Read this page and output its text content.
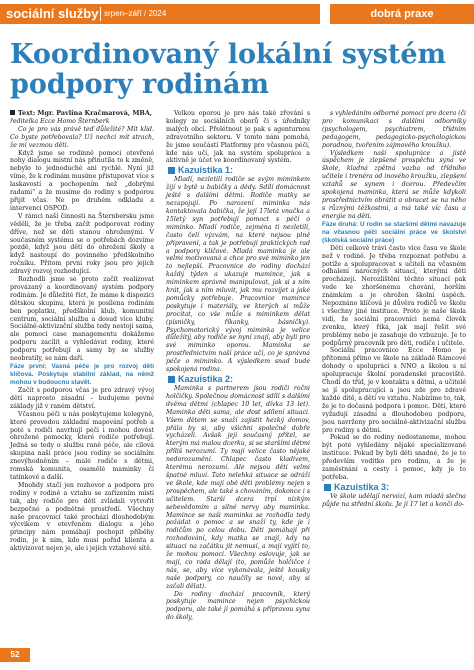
sociální služby srpen–září / 2024	dobrá praxe
Koordinovaný lokální systém podpory rodinám

Text: Mgr. Pavlína Kračmarová, MBA,

ředitelka Ecce Homo Šternberk

Co je pro vás právě teď důležité? Mít klid. Co byste potřebovala? Už nechci mít strach, že mi vezmou děti.

Když jsme se rodinně pomoci otevřené nohy dialogu místní nás přinutila to k změně, nebylo to jednoduché ani rychlé. Nyní již víme, že k rodinám musíme přistupovat více s laskavostí a pochopením než „dobrými radami“ a že musíme do rodiny s podporou přijít včas. Ne po druhém odkladu a intervenci OSPOD.

V rámci naší činnosti na Šternbersku jsme věděli, že je třeba začít podporovat rodiny dříve, než se děti stanou ohroženými. V současném systému se o potřebách dozvíme pozdě, když jsou děti do ohrožení školy a když nastoupí do povinného předškolního ročníku. Přitom první roky jsou pro jejich zdravý rozvoj rozhodující.

Rozhodli jsme se proto začít realizovat provázaný a koordinovaný systém podpory rodinám. Je důležité říct, že máme k dispozici dětskou skupinu, která je posílena rodinám ben poplatku, předškolní klub, komunitní centrum, sociální služba a dosud více kluby. Sociálně-aktivizační služba tedy nestojí sama, ale pomocí case managementu dokážeme podporu zacílit a vyhledávat rodiny, které podporu potřebují a samy by se služby neobratily, se nám daří.

Fáze první: Vasná péče je pro rozvoj dětí klíčová. Poskytuje stabilní základ, na němž mohou v budoucnu stavět.

Začít s podporou včas je pro zdravý vývoj dětí naprosto zásadní – budujeme pevné základy již v raném dětství.

Včasnou péči u nás poskytujeme kolegyně, které provedou základní mapování potřeb a poté s rodiči navrhují péči i mohou dovést ohrožené pomocky, které rodiče potřebují. Jedná se tedy o službu raně péče, ale cílová skupina naší práce jsou rodiny se sociálním znevýhodněním – malé rodiče s dětmi, romská komunita, osamělé maminky či tatínkové a další.

Mnohdy stačí jen rozhovor a podpora pro rodiny v rodině a vztahu se zařízením místí tak, aby rodiče pro děti zvládali vytvořit bezpečné a podnětné prostředí. Všechny naše pracovnicí také prochází dlouhodobým výcvikem v otevřeném dialogu a jeho principy nám pomáhají pochopit příběhy rodin, je k nim, kdo musí pořád klienta a aktivizovat nejen je, ale i jejich vztahové sítě.

Velkou oporou je pro nás také zřování s kolegy ze sociálních oborů či s úředníky malých obcí. Přelétnout je pak s agenturnou zdravotního sektoru. V tomto nám pomohá, že jsme součástí Platformy pro včasnou péči, kde nás učí, jak na systém spolupráce a aktivně je účet ve koordinovaný systém.

Kazuistika 1:

Mladí, nezletilí rodiče se svým miminkem žijí v bytě u babičky a dědy. Sdílí domácnost ještě s dalšími dětmi. Rodiče matky se nezapojují. Po narození miminka nás kontaktovala babička, že její 17letá vnučka a 15letý syn potřebují pomoct s péčí o miminko. Mladí rodiče, zejména ti nezletilí, často čelí výzvám, na které nejsou plně připravení, a tak je potřebují praktických rad a podpory klíčové. Mladá maminka je ale velmi motivovaná a chce pro své miminko jen to nejlepší. Pracovnice do rodiny dochází každý týden a ukazuje mamince, jak s miminkem správně manipulovat, jak si s ním hrát, jak s ním mluvit, jak mu rozvíjet a jaké pomůcky potřebuje. Pracovnice mamince poskytuje i materiály, ve kterých si může procítat, co vše může s miminkem dělat (písničky, říkanky, básničky). Psychomotorický vývoj miminka je velice důležitý, aby rodiče se nyní znají, aby byli pro své miminko oporou. Maminka se prostřednictvím naší práce učí, co je správná péče o miminko. A výsledkem snad bude spokojená rodina.

Kazuistika 2:

Maminka s partnerem jsou rodiči ročni holčičky. Společnou domácnost sdílí s dalšími dvěma dětmi (chlapec 10 let, dívka 13 let). Maminka děti sama, ale dost sdílení situaci. Všem dětem se snaží zajistit hezký domov, přála by si, aby všichni společně dobře vycházeli. Avšak její současný přítel, se kterým má malou dcerku, si se staršími dětmi příliš nerozumí. Ty mají velice často nějaké nedorozumění. Chlapec často kladivem, kterému nerozumí. Ale nejsou děti velmi špatně mluví. Tato nelehká situace se odráží ve škole, kde mají obě děti problémy nejen s prospěchem, ale také s chováním, dokonce i s učitelem. Starší dcera trpí nízkým sebevědomím a silné nervy aby maminka. Mamince se naši maminka se rozhodla tedy požádat o pomoc a se snaží ty, kde je i rodičům po celou dobu. Děti pomáhají při rozhodování, kdy matka se znají, kdy na situaci na začátku jít nemusí, a mají vyjití to, že mohou pomoci. Všechny oslovuje, jak se mají, co ráda dělají (to, pomůže holčičce i nás, se, aby více vykonávala, ještě kousky naše podpory, co naučily se nové, aby si začali dělat).

Do rodiny dochází pracovník, který poskytuje mamince nejen psychickou podporu, ale také jí pomáhá s přípravou syna do školy,

s vyhledáním odborné pomoci pro dcera (či pro komunikaci s dalšími odborníky (psychologem, psychiatrem, třídním pedagogem, pedagogicko-psychologickou poradnou, tvořením zájmového kroužku).

Výsledkem naší spolupráce a jistě úspěchem je zlepšené prospěchu syna ve škole, kladná zpětná vazba od třídního učitele i trenéra od inového kroužku, zlepšení vztahů se synem i dcerou. Předevčím spokojená maminka, která se může kdykoli prostřednictvím obrátit a obracet se na něho s různými těžkostmi, a má také víc času a energie na děti.

Fáze druhá: U rodin se staršími dětmi navazuje na včasnou péči sociální práce ve školství (školská sociální práce)

Děti celkově tráví často více času ve škole než v rodině. Je třeba rozpoznat potřebu a potíže a spolupracovat s učiteli na včasném odhalení nárocných situací, kterými děti procházejí. Nerozlištění těchto situací pak vede ke zhoršenému chování, horším známkám a je ohrožen školní úspěch. Nepoznáno klíčová je důvěra rodičů ve školu i všechny jiné instituce. Proto je naše škola vidí, že sociální pracovníci nemá člověk zvenku, který říká, jak mají řešit své problémy nebo je zasahuje do vzbuzuje. Je to podpůrný pracovník pro děti, rodiče i učitele.

Sociální pracovnice Ecce Homo je přítomná přímo ve škole na základě Rámcové dohody o spolupráci s NNO a školou s ní spolupracuje školní poradenské pracoviště. Chodí do tříd, je v kontaktu s dětmi, a učitelé se jí spolupracující a jsou zde pro zdravé každé dítě, a dětí ve vztahu. Nabízíme to, tak, že je to dočasná podpora i pomoc. Děti, které vyžadují zásadní a dlouhodobou podporu, jsou navrženy pro sociálně-aktivizační službu pro rodiny s dětmi.

Pokud se do rodiny nedostaneme, mohou být poté vyhledány nějaké specializované instituce. Pokud by byli děti snadné, že je to především vodítko pro rodinu, a že je zaměstnání a cesty i pomoc, kdy je to potřeba.

Kazuistika 3:

Ve škole udělají nervózí, kam mladá slečna půjde na střední školu. Je jí 17 let a končí do-

52
